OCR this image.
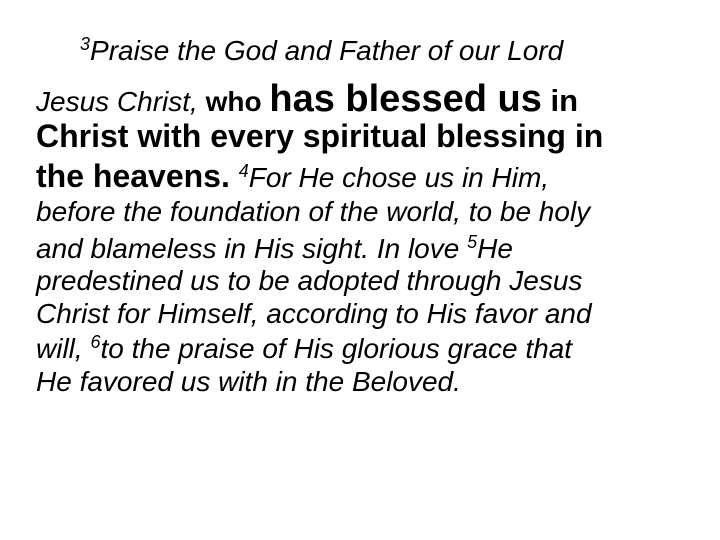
$^3$Praise the God and Father of our Lord

Jesus Christ, who has blessed us in

Christ with every spiritual blessing in

the heavens. 4For He chose us in Him,

before the foundation of the world, to be holy

and blameless in His sight. In love $^5$He

predestined us to be adopted through Jesus

Christ for Himself, according to His favor and

will, $^6$to the praise of His glorious grace that

He favored us with in the Beloved.
